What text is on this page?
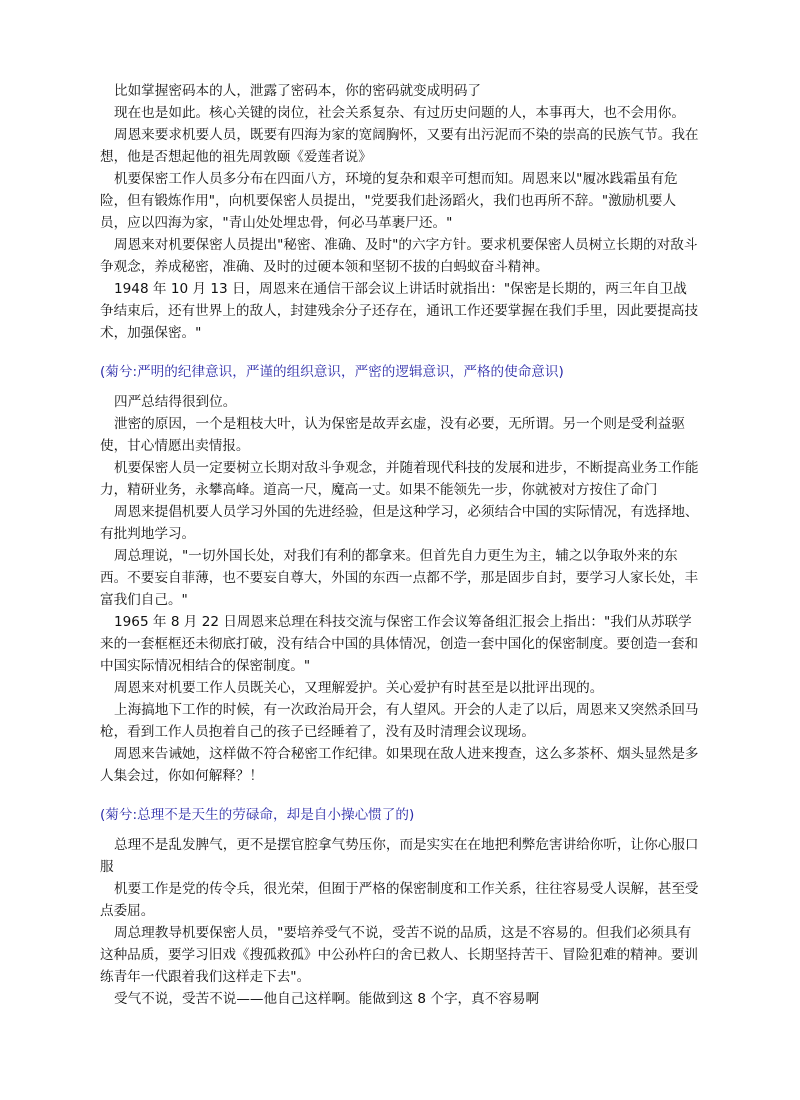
比如掌握密码本的人，泄露了密码本，你的密码就变成明码了

现在也是如此。核心关键的岗位，社会关系复杂、有过历史问题的人，本事再大，也不会用你。

周恩来要求机要人员，既要有四海为家的宽阔胸怀，又要有出污泥而不染的崇高的民族气节。我在想，他是否想起他的祖先周敦颐《爱莲者说》

机要保密工作人员多分布在四面八方，环境的复杂和艰辛可想而知。周恩来以"履冰践霜虽有危险，但有锻炼作用"，向机要保密人员提出，"党要我们赴汤蹈火，我们也再所不辞。"激励机要人员，应以四海为家，"青山处处埋忠骨，何必马革裹尸还。"

周恩来对机要保密人员提出"秘密、准确、及时"的六字方针。要求机要保密人员树立长期的对敌斗争观念，养成秘密，准确、及时的过硬本领和坚韧不拔的白蚂蚁奋斗精神。

1948 年 10 月 13 日，周恩来在通信干部会议上讲话时就指出："保密是长期的，两三年自卫战争结束后，还有世界上的敌人，封建残余分子还存在，通讯工作还要掌握在我们手里，因此要提高技术，加强保密。"

(菊兮:严明的纪律意识，严谨的组织意识，严密的逻辑意识，严格的使命意识)

四严总结得很到位。

泄密的原因，一个是粗枝大叶，认为保密是故弄玄虚，没有必要，无所谓。另一个则是受利益驱使，甘心情愿出卖情报。

机要保密人员一定要树立长期对敌斗争观念，并随着现代科技的发展和进步，不断提高业务工作能力，精研业务，永攀高峰。道高一尺，魔高一丈。如果不能领先一步，你就被对方按住了命门

周恩来提倡机要人员学习外国的先进经验，但是这种学习，必须结合中国的实际情况，有选择地、有批判地学习。

周总理说，"一切外国长处，对我们有利的都拿来。但首先自力更生为主，辅之以争取外来的东西。不要妄自菲薄，也不要妄自尊大，外国的东西一点都不学，那是固步自封，要学习人家长处，丰富我们自己。"

1965 年 8 月 22 日周恩来总理在科技交流与保密工作会议筹备组汇报会上指出："我们从苏联学来的一套框框还未彻底打破，没有结合中国的具体情况，创造一套中国化的保密制度。要创造一套和中国实际情况相结合的保密制度。"

周恩来对机要工作人员既关心，又理解爱护。关心爱护有时甚至是以批评出现的。

上海搞地下工作的时候，有一次政治局开会，有人望风。开会的人走了以后，周恩来又突然杀回马枪，看到工作人员抱着自己的孩子已经睡着了，没有及时清理会议现场。

周恩来告诫她，这样做不符合秘密工作纪律。如果现在敌人进来搜查，这么多茶杯、烟头显然是多人集会过，你如何解释？！

(菊兮:总理不是天生的劳碌命，却是自小操心惯了的)

总理不是乱发脾气，更不是摆官腔拿气势压你，而是实实在在地把利弊危害讲给你听，让你心服口服

机要工作是党的传令兵，很光荣，但囿于严格的保密制度和工作关系，往往容易受人误解，甚至受点委屈。

周总理教导机要保密人员，"要培养受气不说，受苦不说的品质，这是不容易的。但我们必须具有这种品质，要学习旧戏《搜孤救孤》中公孙杵臼的舍已救人、长期坚持苦干、冒险犯难的精神。要训练青年一代跟着我们这样走下去"。

受气不说，受苦不说——他自己这样啊。能做到这 8 个字，真不容易啊
